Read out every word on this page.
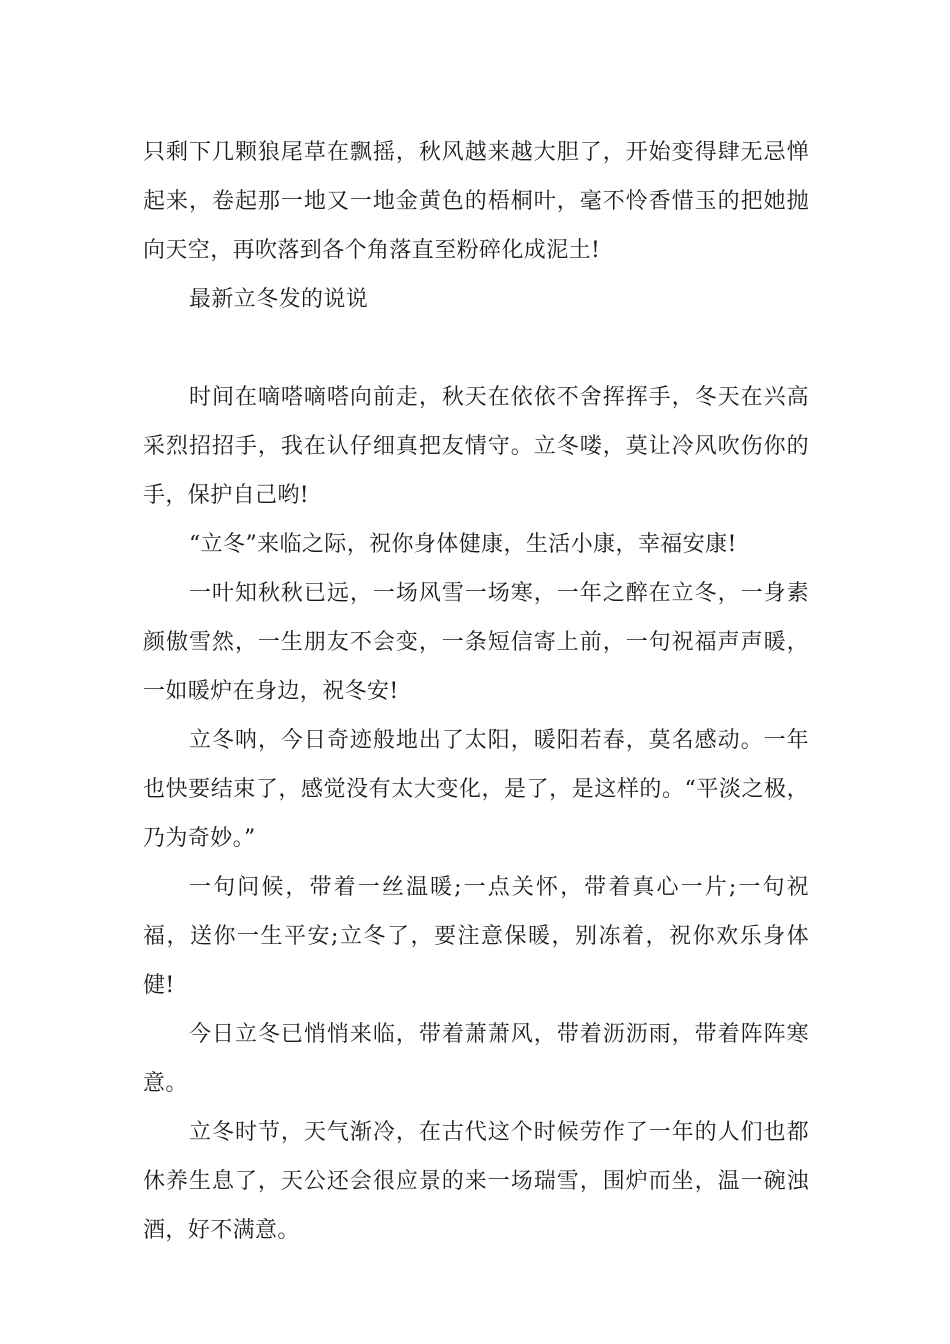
只剩下几颗狼尾草在飘摇，秋风越来越大胆了，开始变得肆无忌惮起来，卷起那一地又一地金黄色的梧桐叶，毫不怜香惜玉的把她抛向天空，再吹落到各个角落直至粉碎化成泥土!

最新立冬发的说说

时间在嘀嗒嘀嗒向前走，秋天在依依不舍挥挥手，冬天在兴高采烈招招手，我在认仔细真把友情守。立冬喽，莫让冷风吹伤你的手，保护自己哟!

“立冬”来临之际，祝你身体健康，生活小康，幸福安康!

一叶知秋秋已远，一场风雪一场寒，一年之醉在立冬，一身素颜傲雪然，一生朋友不会变，一条短信寄上前，一句祝福声声暖，一如暖炉在身边，祝冬安!

立冬呐，今日奇迹般地出了太阳，暖阳若春，莫名感动。一年也快要结束了，感觉没有太大变化，是了，是这样的。“平淡之极，乃为奇妙。”

一句问候，带着一丝温暖;一点关怀，带着真心一片;一句祝福，送你一生平安;立冬了，要注意保暖，别冻着，祝你欢乐身体健!

今日立冬已悄悄来临，带着萧萧风，带着沥沥雨，带着阵阵寒意。

立冬时节，天气渐冷，在古代这个时候劳作了一年的人们也都休养生息了，天公还会很应景的来一场瑞雪，围炉而坐，温一碗浊酒，好不满意。
